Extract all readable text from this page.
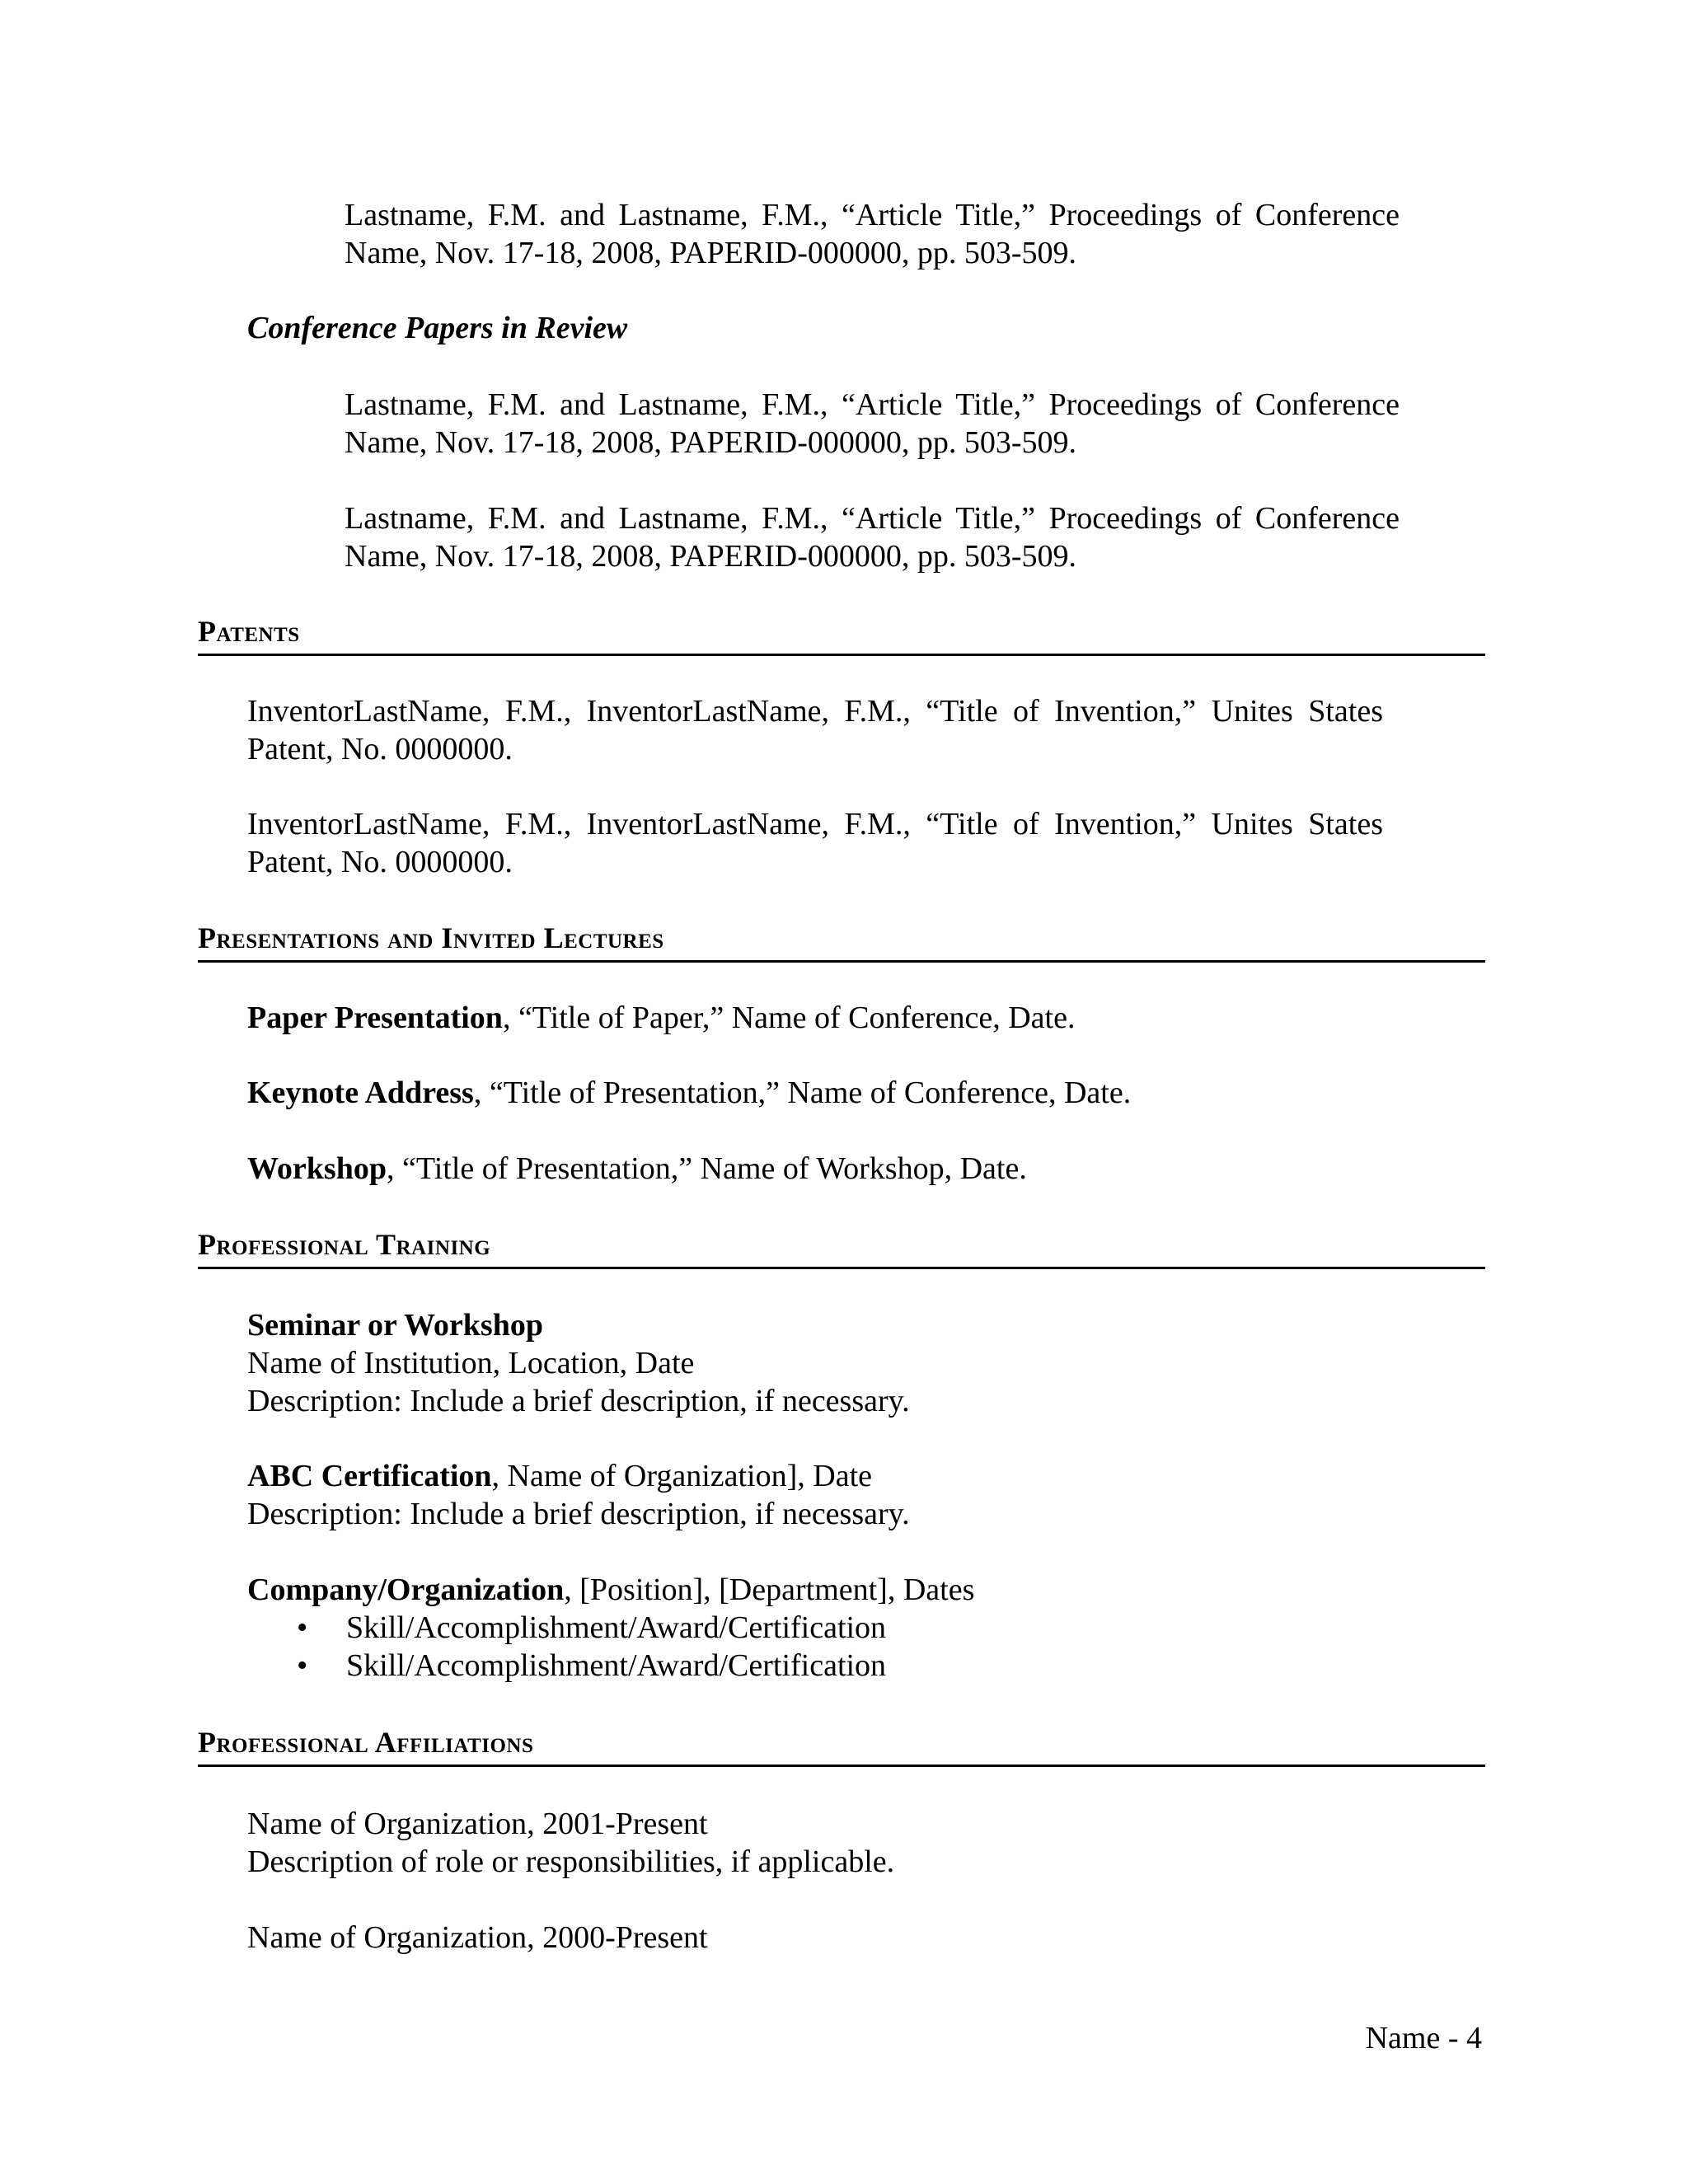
Lastname, F.M. and Lastname, F.M., “Article Title,” Proceedings of Conference
Name, Nov. 17-18, 2008, PAPERID-000000, pp. 503-509.
Conference Papers in Review
Lastname, F.M. and Lastname, F.M., “Article Title,” Proceedings of Conference
Name, Nov. 17-18, 2008, PAPERID-000000, pp. 503-509.
Lastname, F.M. and Lastname, F.M., “Article Title,” Proceedings of Conference
Name, Nov. 17-18, 2008, PAPERID-000000, pp. 503-509.
Patents
InventorLastName, F.M., InventorLastName, F.M., “Title of Invention,” Unites States
Patent, No. 0000000.
InventorLastName, F.M., InventorLastName, F.M., “Title of Invention,” Unites States
Patent, No. 0000000.
Presentations and Invited Lectures
Paper Presentation, “Title of Paper,” Name of Conference, Date.
Keynote Address, “Title of Presentation,” Name of Conference, Date.
Workshop, “Title of Presentation,” Name of Workshop, Date.
Professional Training
Seminar or Workshop
Name of Institution, Location, Date
Description: Include a brief description, if necessary.
ABC Certification, Name of Organization], Date
Description: Include a brief description, if necessary.
Company/Organization, [Position], [Department], Dates
• Skill/Accomplishment/Award/Certification
• Skill/Accomplishment/Award/Certification
Professional Affiliations
Name of Organization, 2001-Present
Description of role or responsibilities, if applicable.
Name of Organization, 2000-Present
Name - 4
